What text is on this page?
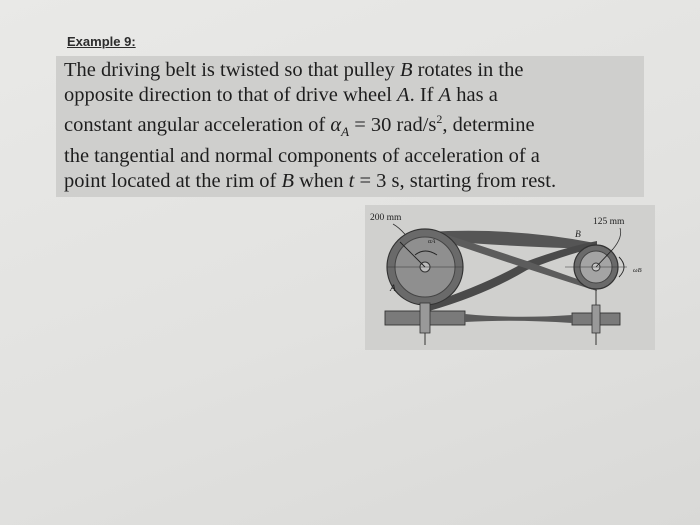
Example 9:
The driving belt is twisted so that pulley B rotates in the
opposite direction to that of drive wheel A. If A has a
constant angular acceleration of $\alpha_A = 30$ rad/$s^2$, determine
the tangential and normal components of acceleration of a
point located at the rim of B when t = 3 s, starting from rest.
200 mm	125 mm
A
B
αA
ωB
